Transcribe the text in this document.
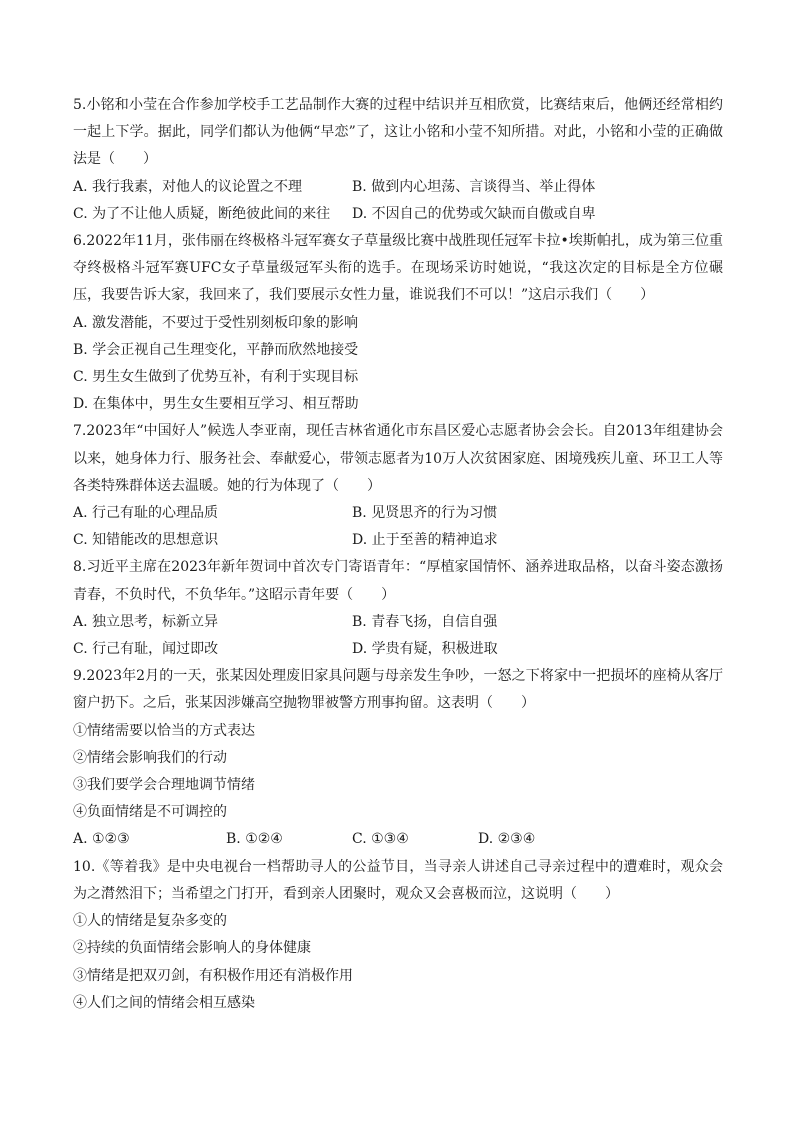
5.小铭和小莹在合作参加学校手工艺品制作大赛的过程中结识并互相欣赏，比赛结束后，他俩还经常相约一起上下学。据此，同学们都认为他俩“早恋”了，这让小铭和小莹不知所措。对此，小铭和小莹的正确做法是（　　）

A. 我行我素，对他人的议论置之不理	B. 做到内心坦荡、言谈得当、举止得体
C. 为了不让他人质疑，断绝彼此间的来往	D. 不因自己的优势或欠缺而自傲或自卑

6.2022年11月，张伟丽在终极格斗冠军赛女子草量级比赛中战胜现任冠军卡拉•埃斯帕扎，成为第三位重夺终极格斗冠军赛UFC女子草量级冠军头衔的选手。在现场采访时她说，“我这次定的目标是全方位碾压，我要告诉大家，我回来了，我们要展示女性力量，谁说我们不可以！”这启示我们（　　）

A. 激发潜能，不要过于受性别刻板印象的影响
B. 学会正视自己生理变化，平静而欣然地接受
C. 男生女生做到了优势互补，有利于实现目标
D. 在集体中，男生女生要相互学习、相互帮助

7.2023年“中国好人”候选人李亚南，现任吉林省通化市东昌区爱心志愿者协会会长。自2013年组建协会以来，她身体力行、服务社会、奉献爱心，带领志愿者为10万人次贫困家庭、困境残疾儿童、环卫工人等各类特殊群体送去温暖。她的行为体现了（　　）

A. 行己有耻的心理品质	B. 见贤思齐的行为习惯
C. 知错能改的思想意识	D. 止于至善的精神追求

8.习近平主席在2023年新年贺词中首次专门寄语青年：“厚植家国情怀、涵养进取品格，以奋斗姿态激扬青春，不负时代，不负华年。”这昭示青年要（　　）

A. 独立思考，标新立异	B. 青春飞扬，自信自强
C. 行己有耻，闻过即改	D. 学贵有疑，积极进取

9.2023年2月的一天，张某因处理废旧家具问题与母亲发生争吵，一怒之下将家中一把损坏的座椅从客厅窗户扔下。之后，张某因涉嫌高空抛物罪被警方刑事拘留。这表明（　　）

①情绪需要以恰当的方式表达
②情绪会影响我们的行动
③我们要学会合理地调节情绪
④负面情绪是不可调控的
A. ①②③	B. ①②④	C. ①③④	D. ②③④

10.《等着我》是中央电视台一档帮助寻人的公益节目，当寻亲人讲述自己寻亲过程中的遭难时，观众会为之潸然泪下；当希望之门打开，看到亲人团聚时，观众又会喜极而泣，这说明（　　）

①人的情绪是复杂多变的
②持续的负面情绪会影响人的身体健康
③情绪是把双刃剑，有积极作用还有消极作用
④人们之间的情绪会相互感染
